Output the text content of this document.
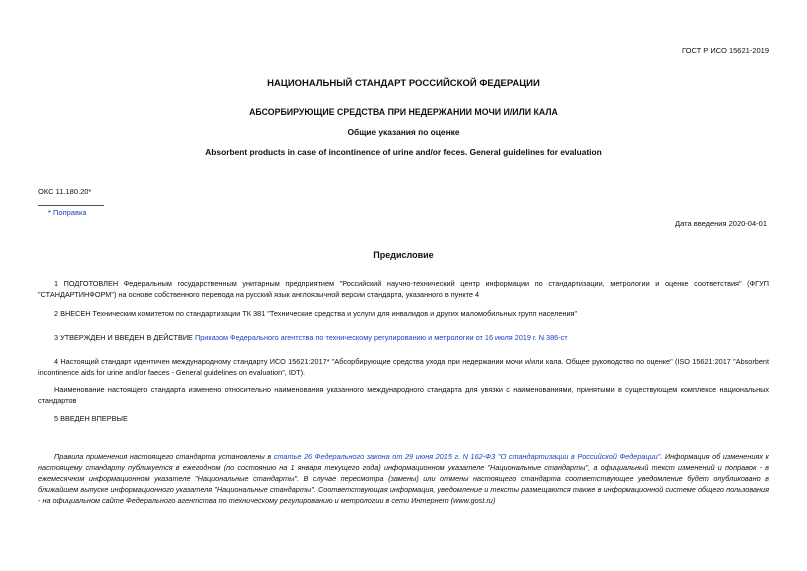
ГОСТ Р ИСО 15621-2019
НАЦИОНАЛЬНЫЙ СТАНДАРТ РОССИЙСКОЙ ФЕДЕРАЦИИ
АБСОРБИРУЮЩИЕ СРЕДСТВА ПРИ НЕДЕРЖАНИИ МОЧИ И/ИЛИ КАЛА
Общие указания по оценке
Absorbent products in case of incontinence of urine and/or feces. General guidelines for evaluation
ОКС 11.180.20*
* Поправка
Дата введения 2020-04-01
Предисловие
1 ПОДГОТОВЛЕН Федеральным государственным унитарным предприятием "Российский научно-технический центр информации по стандартизации, метрологии и оценке соответствия" (ФГУП "СТАНДАРТИНФОРМ") на основе собственного перевода на русский язык англоязычной версии стандарта, указанного в пункте 4
2 ВНЕСЕН Техническим комитетом по стандартизации ТК 381 "Технические средства и услуги для инвалидов и других маломобильных групп населения"
3 УТВЕРЖДЕН И ВВЕДЕН В ДЕЙСТВИЕ Приказом Федерального агентства по техническому регулированию и метрологии от 16 июля 2019 г. N 386-ст
4 Настоящий стандарт идентичен международному стандарту ИСО 15621:2017* "Абсорбирующие средства ухода при недержании мочи и/или кала. Общее руководство по оценке" (ISO 15621:2017 "Absorbent incontinence aids for urine and/or faeces - General guidelines on evaluation", IDT).
Наименование настоящего стандарта изменено относительно наименования указанного международного стандарта для увязки с наименованиями, принятыми в существующем комплексе национальных стандартов
5 ВВЕДЕН ВПЕРВЫЕ
Правила применения настоящего стандарта установлены в статье 26 Федерального закона от 29 июня 2015 г. N 162-ФЗ "О стандартизации в Российской Федерации". Информация об изменениях к настоящему стандарту публикуется в ежегодном (по состоянию на 1 января текущего года) информационном указателе "Национальные стандарты", а официальный текст изменений и поправок - в ежемесячном информационном указателе "Национальные стандарты". В случае пересмотра (замены) или отмены настоящего стандарта соответствующее уведомление будет опубликовано в ближайшем выпуске информационного указателя "Национальные стандарты". Соответствующая информация, уведомление и тексты размещаются также в информационной системе общего пользования - на официальном сайте Федерального агентства по техническому регулированию и метрологии в сети Интернет (www.gost.ru)
